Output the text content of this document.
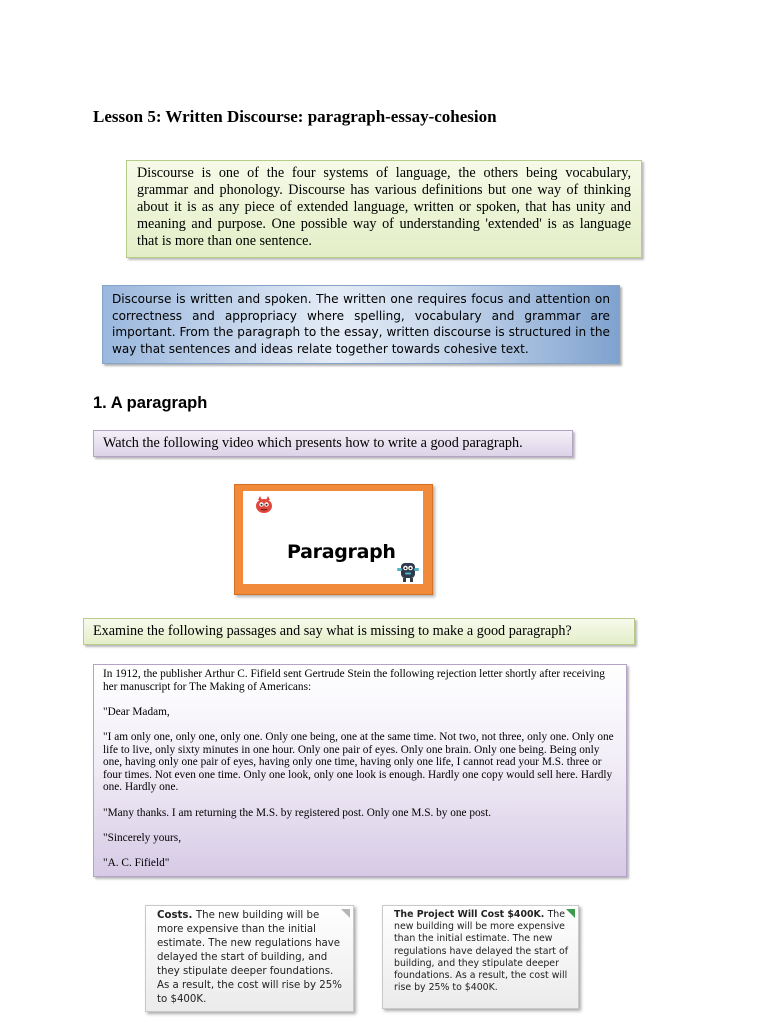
Lesson 5: Written Discourse: paragraph-essay-cohesion
Discourse is one of the four systems of language, the others being vocabulary, grammar and phonology. Discourse has various definitions but one way of thinking about it is as any piece of extended language, written or spoken, that has unity and meaning and purpose. One possible way of understanding 'extended' is as language that is more than one sentence.
Discourse is written and spoken. The written one requires focus and attention on correctness and appropriacy where spelling, vocabulary and grammar are important. From the paragraph to the essay, written discourse is structured in the way that sentences and ideas relate together towards cohesive text.
1. A paragraph
Watch the following video which presents how to write a good paragraph.
Paragraph
Examine the following passages and say what is missing to make a good paragraph?

In 1912, the publisher Arthur C. Fifield sent Gertrude Stein the following rejection letter shortly after receiving her manuscript for The Making of Americans:

"Dear Madam,

"I am only one, only one, only one. Only one being, one at the same time. Not two, not three, only one. Only one life to live, only sixty minutes in one hour. Only one pair of eyes. Only one brain. Only one being. Being only one, having only one pair of eyes, having only one time, having only one life, I cannot read your M.S. three or four times. Not even one time. Only one look, only one look is enough. Hardly one copy would sell here. Hardly one. Hardly one.

"Many thanks. I am returning the M.S. by registered post. Only one M.S. by one post.

"Sincerely yours,

"A. C. Fifield"

Costs. The new building will be more expensive than the initial estimate. The new regulations have delayed the start of building, and they stipulate deeper foundations. As a result, the cost will rise by 25% to $400K.
The Project Will Cost $400K. The new building will be more expensive than the initial estimate. The new regulations have delayed the start of building, and they stipulate deeper foundations. As a result, the cost will rise by 25% to $400K.
